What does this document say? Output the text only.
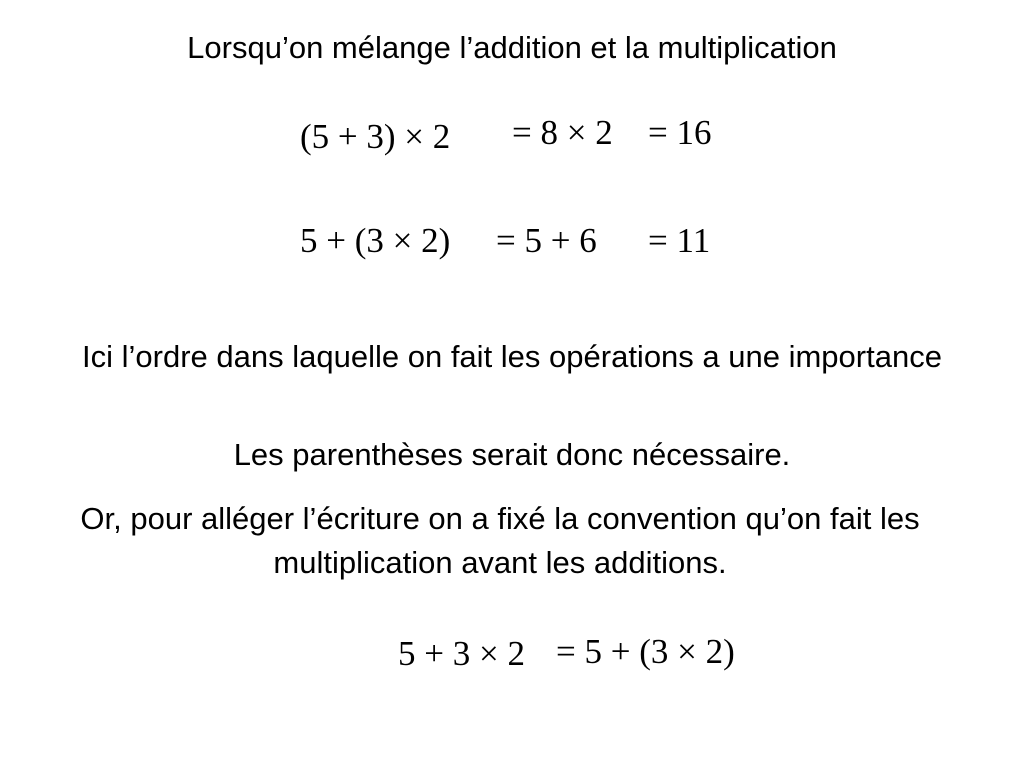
Lorsqu’on mélange l’addition et la multiplication
(5 + 3) × 2 = 8 × 2 = 16
5 + (3 × 2) = 5 + 6 = 11
Ici l’ordre dans laquelle on fait les opérations a une importance
Les parenthèses serait donc nécessaire.
Or, pour alléger l’écriture on a fixé la convention qu’on fait les
multiplication avant les additions.
5 + 3 × 2 = 5 + (3 × 2)
